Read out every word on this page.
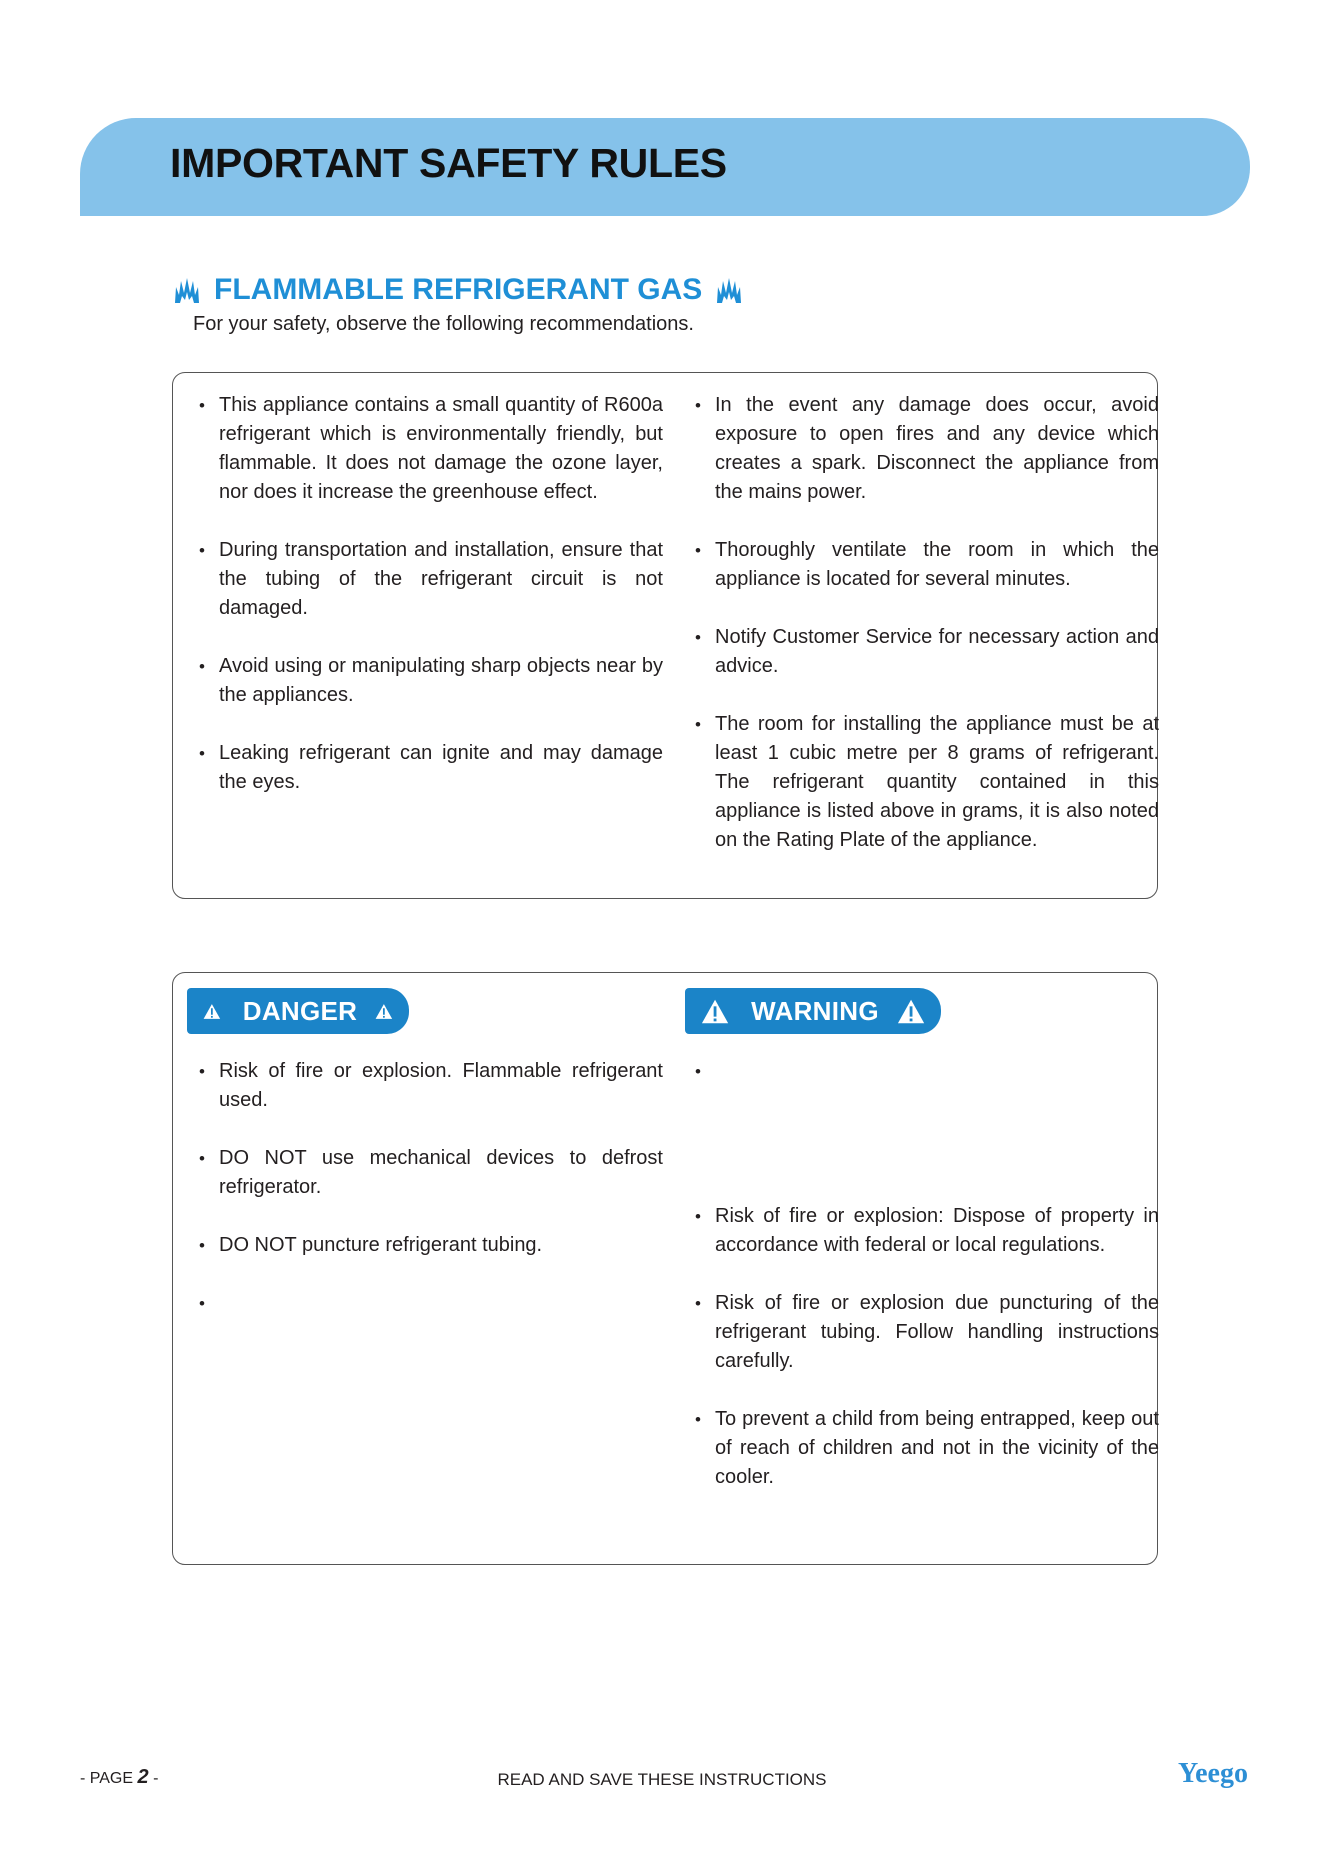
IMPORTANT SAFETY RULES
FLAMMABLE REFRIGERANT GAS

For your safety, observe the following recommendations.

• This appliance contains a small quantity of R600a refrigerant which is environmentally friendly, but flammable. It does not damage the ozone layer, nor does it increase the greenhouse effect.
• During transportation and installation, ensure that the tubing of the refrigerant circuit is not damaged.
• Avoid using or manipulating sharp objects near by the appliances.
• Leaking refrigerant can ignite and may damage the eyes.
• In the event any damage does occur, avoid exposure to open fires and any device which creates a spark. Disconnect the appliance from the mains power.
• Thoroughly ventilate the room in which the appliance is located for several minutes.
• Notify Customer Service for necessary action and advice.
• The room for installing the appliance must be at least 1 cubic metre per 8 grams of refrigerant. The refrigerant quantity contained in this appliance is listed above in grams, it is also noted on the Rating Plate of the appliance.
DANGER	WARNING
• Risk of fire or explosion. Flammable refrigerant used.
• DO NOT use mechanical devices to defrost refrigerator.
• DO NOT puncture refrigerant tubing.
•
•
• Risk of fire or explosion: Dispose of property in accordance with federal or local regulations.
• Risk of fire or explosion due puncturing of the refrigerant tubing. Follow handling instructions carefully.
• To prevent a child from being entrapped, keep out of reach of children and not in the vicinity of the cooler.

- PAGE 2 -	READ AND SAVE THESE INSTRUCTIONS	Yeego
